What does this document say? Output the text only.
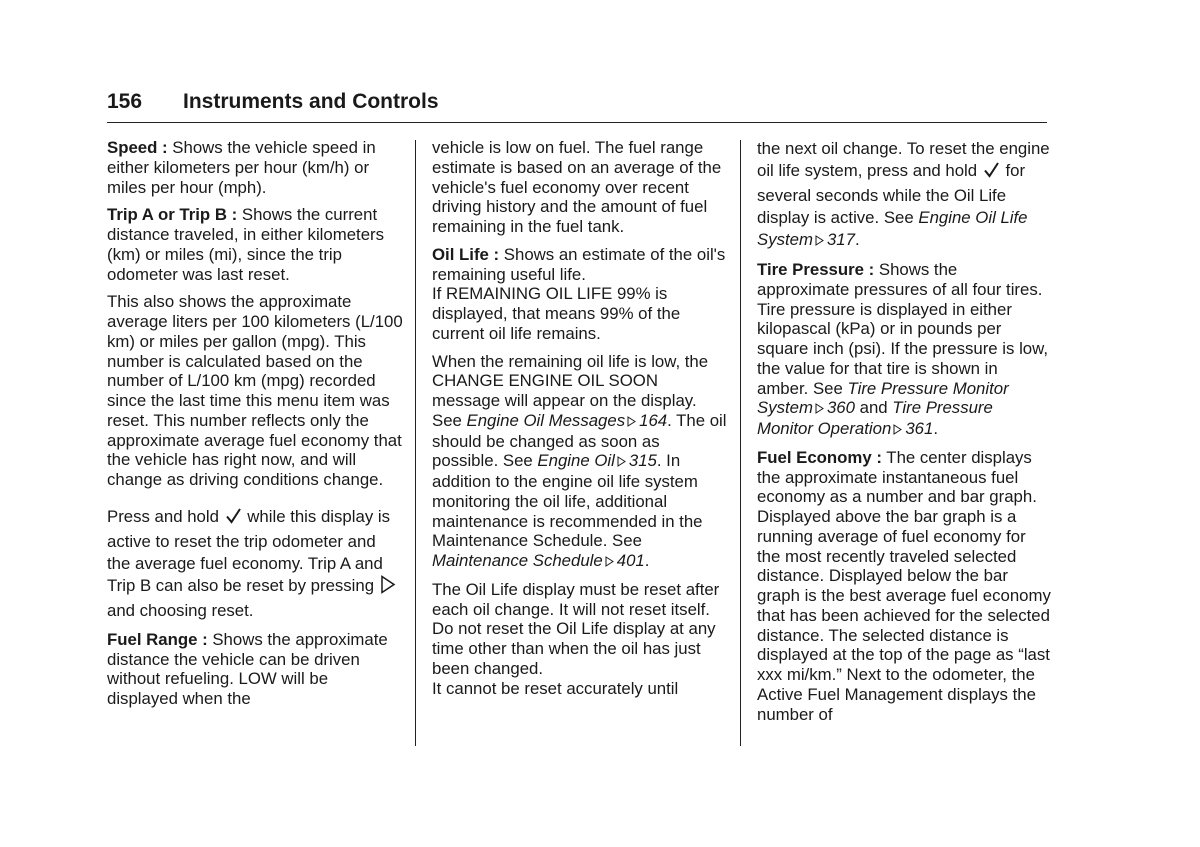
156 Instruments and Controls

Speed : Shows the vehicle speed in either kilometers per hour (km/h) or miles per hour (mph).

Trip A or Trip B : Shows the current distance traveled, in either kilometers (km) or miles (mi), since the trip odometer was last reset.

This also shows the approximate average liters per 100 kilometers (L/100 km) or miles per gallon (mpg). This number is calculated based on the number of L/100 km (mpg) recorded since the last time this menu item was reset. This number reflects only the approximate average fuel economy that the vehicle has right now, and will change as driving conditions change.

Press and hold  while this display is active to reset the trip odometer and the average fuel economy. Trip A and Trip B can also be reset by pressing  and choosing reset.

Fuel Range : Shows the approximate distance the vehicle can be driven without refueling. LOW will be displayed when the

vehicle is low on fuel. The fuel range estimate is based on an average of the vehicle's fuel economy over recent driving history and the amount of fuel remaining in the fuel tank.

Oil Life : Shows an estimate of the oil's remaining useful life.

If REMAINING OIL LIFE 99% is displayed, that means 99% of the current oil life remains.

When the remaining oil life is low, the CHANGE ENGINE OIL SOON message will appear on the display. See Engine Oil Messages 164. The oil should be changed as soon as possible. See Engine Oil 315. In addition to the engine oil life system monitoring the oil life, additional maintenance is recommended in the Maintenance Schedule. See Maintenance Schedule 401.

The Oil Life display must be reset after each oil change. It will not reset itself. Do not reset the Oil Life display at any time other than when the oil has just been changed.

It cannot be reset accurately until

the next oil change. To reset the engine oil life system, press and hold  for several seconds while the Oil Life display is active. See Engine Oil Life System 317.

Tire Pressure : Shows the approximate pressures of all four tires. Tire pressure is displayed in either kilopascal (kPa) or in pounds per square inch (psi). If the pressure is low, the value for that tire is shown in amber. See Tire Pressure Monitor System 360 and Tire Pressure Monitor Operation 361.

Fuel Economy : The center displays the approximate instantaneous fuel economy as a number and bar graph. Displayed above the bar graph is a running average of fuel economy for the most recently traveled selected distance. Displayed below the bar graph is the best average fuel economy that has been achieved for the selected distance. The selected distance is displayed at the top of the page as “last xxx mi/km.” Next to the odometer, the Active Fuel Management displays the number of
